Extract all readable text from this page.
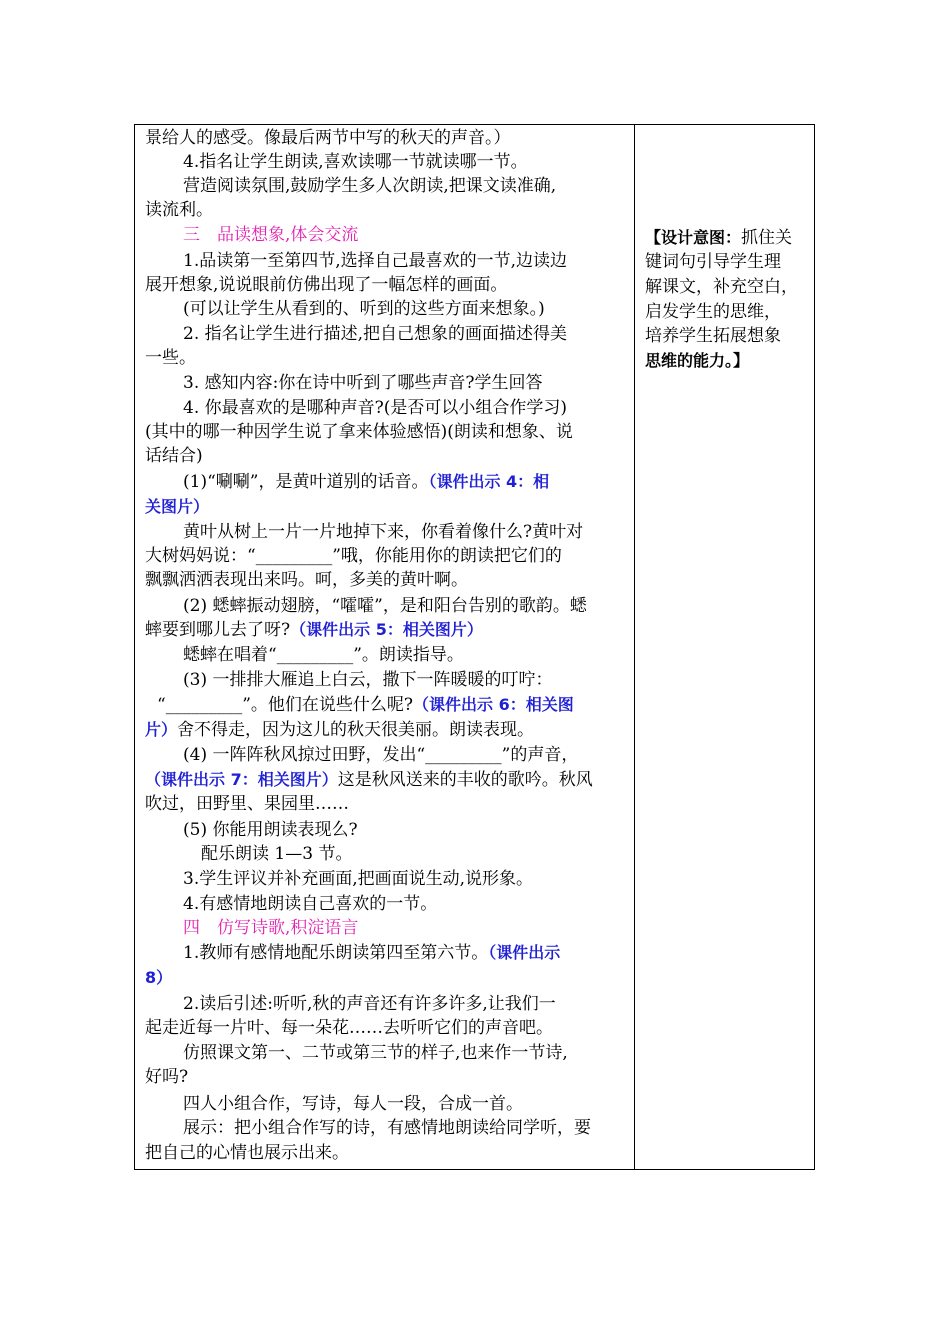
景给人的感受。像最后两节中写的秋天的声音。）
4.指名让学生朗读,喜欢读哪一节就读哪一节。
营造阅读氛围,鼓励学生多人次朗读,把课文读准确,
读流利。
三　品读想象,体会交流
1.品读第一至第四节,选择自己最喜欢的一节,边读边
展开想象,说说眼前仿佛出现了一幅怎样的画面。
(可以让学生从看到的、听到的这些方面来想象。)
2. 指名让学生进行描述,把自己想象的画面描述得美
一些。
3. 感知内容:你在诗中听到了哪些声音?学生回答
4. 你最喜欢的是哪种声音?(是否可以小组合作学习)
(其中的哪一种因学生说了拿来体验感悟)(朗读和想象、说
话结合)
(1)“唰唰”，是黄叶道别的话音。（课件出示 4：相
关图片）
黄叶从树上一片一片地掉下来，你看着像什么?黄叶对
大树妈妈说：“_________”哦，你能用你的朗读把它们的
飘飘洒洒表现出来吗。呵，多美的黄叶啊。
(2) 蟋蟀振动翅膀，“嚯嚯”，是和阳台告别的歌韵。蟋
蟀要到哪儿去了呀?（课件出示 5：相关图片）
蟋蟀在唱着“_________”。朗读指导。
(3) 一排排大雁追上白云，撒下一阵暖暖的叮咛：
“_________”。他们在说些什么呢?（课件出示 6：相关图
片）舍不得走，因为这儿的秋天很美丽。朗读表现。
(4) 一阵阵秋风掠过田野，发出“_________”的声音，
（课件出示 7：相关图片）这是秋风送来的丰收的歌吟。秋风
吹过，田野里、果园里……
(5) 你能用朗读表现么?
配乐朗读 1—3 节。
3.学生评议并补充画面,把画面说生动,说形象。
4.有感情地朗读自己喜欢的一节。
四　仿写诗歌,积淀语言
1.教师有感情地配乐朗读第四至第六节。（课件出示
8）
2.读后引述:听听,秋的声音还有许多许多,让我们一
起走近每一片叶、每一朵花……去听听它们的声音吧。
仿照课文第一、二节或第三节的样子,也来作一节诗,
好吗?
四人小组合作，写诗，每人一段，合成一首。
展示：把小组合作写的诗，有感情地朗读给同学听，要
把自己的心情也展示出来。
【设计意图：抓住关
键词句引导学生理
解课文，补充空白，
启发学生的思维，
培养学生拓展想象
思维的能力。】
